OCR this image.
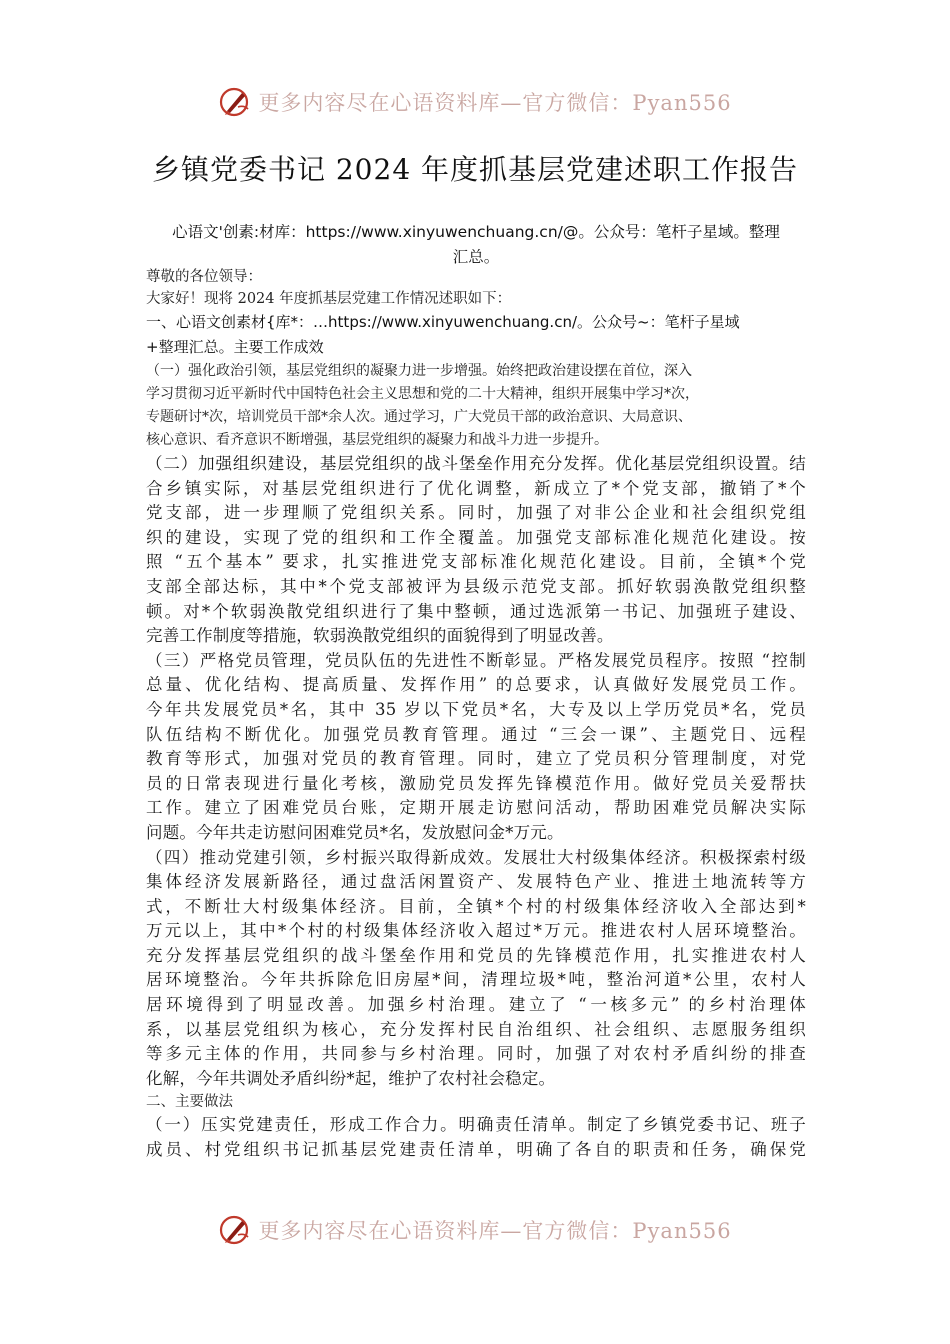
更多内容尽在心语资料库—官方微信：Pyan556
乡镇党委书记 2024 年度抓基层党建述职工作报告
心语文'创素:材库：https://www.xinyuwenchuang.cn/@。公众号：笔杆子星域。整理
汇总。
尊敬的各位领导：
大家好！现将 2024 年度抓基层党建工作情况述职如下：
一、心语文创素材{库*：…https://www.xinyuwenchuang.cn/。公众号~：笔杆子星域
+整理汇总。主要工作成效
（一）强化政治引领，基层党组织的凝聚力进一步增强。始终把政治建设摆在首位，深入
学习贯彻习近平新时代中国特色社会主义思想和党的二十大精神，组织开展集中学习*次，
专题研讨*次，培训党员干部*余人次。通过学习，广大党员干部的政治意识、大局意识、
核心意识、看齐意识不断增强，基层党组织的凝聚力和战斗力进一步提升。
（二）加强组织建设，基层党组织的战斗堡垒作用充分发挥。优化基层党组织设置。结
合乡镇实际，对基层党组织进行了优化调整，新成立了*个党支部，撤销了*个
党支部，进一步理顺了党组织关系。同时，加强了对非公企业和社会组织党组
织的建设，实现了党的组织和工作全覆盖。加强党支部标准化规范化建设。按
照 “五个基本” 要求，扎实推进党支部标准化规范化建设。目前，全镇*个党
支部全部达标，其中*个党支部被评为县级示范党支部。抓好软弱涣散党组织整
顿。对*个软弱涣散党组织进行了集中整顿，通过选派第一书记、加强班子建设、
完善工作制度等措施，软弱涣散党组织的面貌得到了明显改善。
（三）严格党员管理，党员队伍的先进性不断彰显。严格发展党员程序。按照 “控制
总量、优化结构、提高质量、发挥作用” 的总要求，认真做好发展党员工作。
今年共发展党员*名，其中 35 岁以下党员*名，大专及以上学历党员*名，党员
队伍结构不断优化。加强党员教育管理。通过 “三会一课”、主题党日、远程
教育等形式，加强对党员的教育管理。同时，建立了党员积分管理制度，对党
员的日常表现进行量化考核，激励党员发挥先锋模范作用。做好党员关爱帮扶
工作。建立了困难党员台账，定期开展走访慰问活动，帮助困难党员解决实际
问题。今年共走访慰问困难党员*名，发放慰问金*万元。
（四）推动党建引领，乡村振兴取得新成效。发展壮大村级集体经济。积极探索村级
集体经济发展新路径，通过盘活闲置资产、发展特色产业、推进土地流转等方
式，不断壮大村级集体经济。目前，全镇*个村的村级集体经济收入全部达到*
万元以上，其中*个村的村级集体经济收入超过*万元。推进农村人居环境整治。
充分发挥基层党组织的战斗堡垒作用和党员的先锋模范作用，扎实推进农村人
居环境整治。今年共拆除危旧房屋*间，清理垃圾*吨，整治河道*公里，农村人
居环境得到了明显改善。加强乡村治理。建立了 “一核多元” 的乡村治理体
系，以基层党组织为核心，充分发挥村民自治组织、社会组织、志愿服务组织
等多元主体的作用，共同参与乡村治理。同时，加强了对农村矛盾纠纷的排查
化解，今年共调处矛盾纠纷*起，维护了农村社会稳定。
二、主要做法
（一）压实党建责任，形成工作合力。明确责任清单。制定了乡镇党委书记、班子
成员、村党组织书记抓基层党建责任清单，明确了各自的职责和任务，确保党
更多内容尽在心语资料库—官方微信：Pyan556
